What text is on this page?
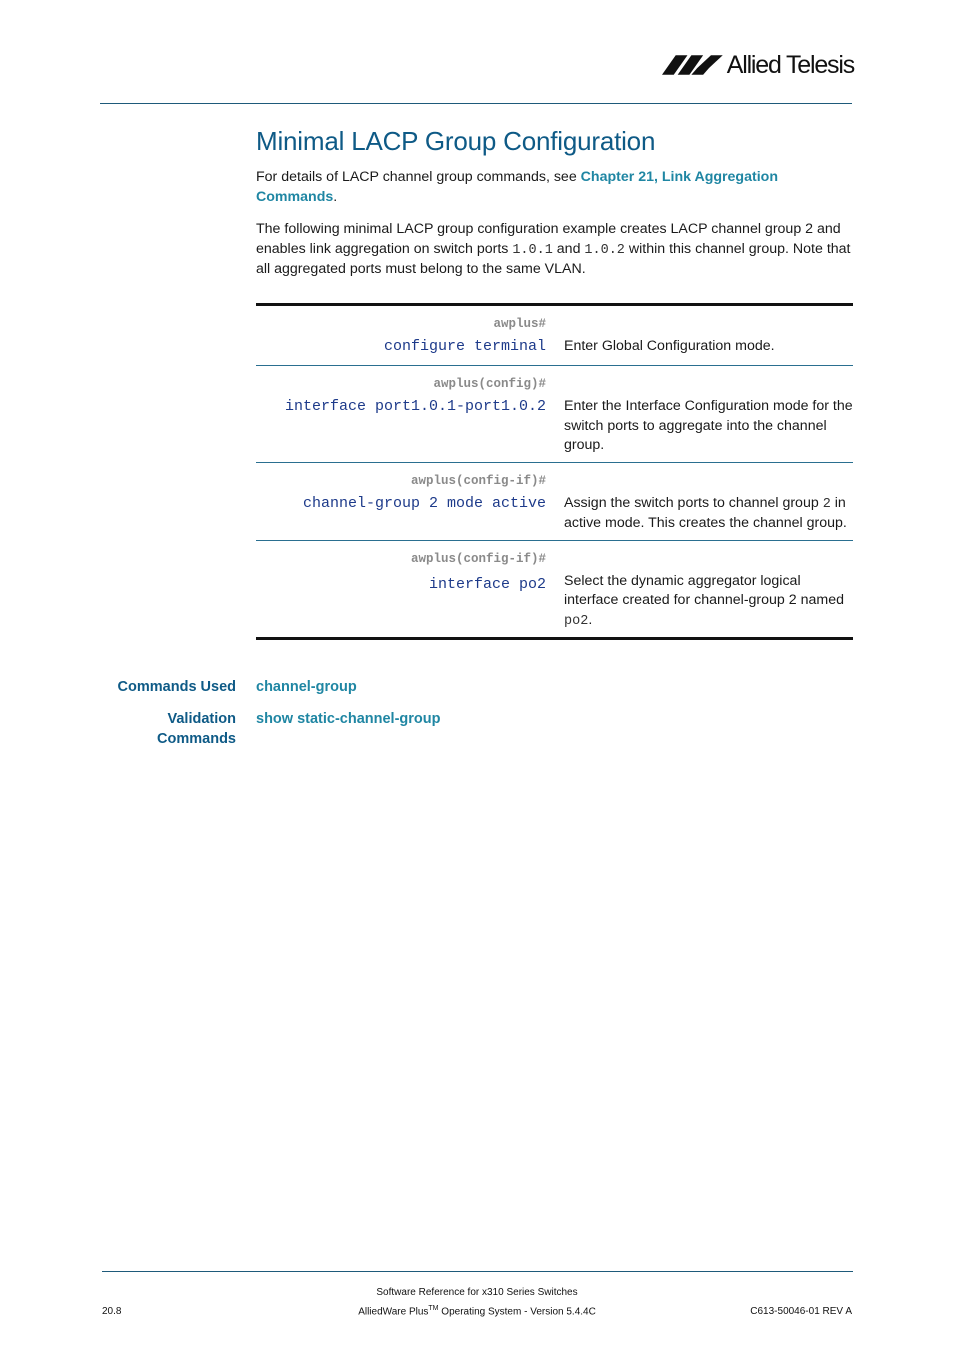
Allied Telesis
Minimal LACP Group Configuration

For details of LACP channel group commands, see Chapter 21, Link Aggregation Commands.

The following minimal LACP group configuration example creates LACP channel group 2 and enables link aggregation on switch ports 1.0.1 and 1.0.2 within this channel group. Note that all aggregated ports must belong to the same VLAN.

awplus#
configure terminal	Enter Global Configuration mode.

awplus(config)#
interface port1.0.1-port1.0.2	Enter the Interface Configuration mode for the switch ports to aggregate into the channel group.

awplus(config-if)#
channel-group 2 mode active	Assign the switch ports to channel group 2 in active mode. This creates the channel group.

awplus(config-if)#
interface po2	Select the dynamic aggregator logical interface created for channel-group 2 named po2.

Commands Used channel-group

Validation
Commands

show static-channel-group

Software Reference for x310 Series Switches

AlliedWare Plus™ Operating System - Version 5.4.4C

20.8	C613-50046-01 REV A
